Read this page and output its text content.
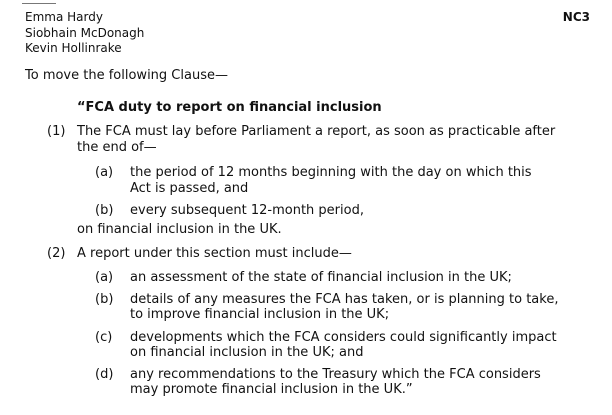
Emma Hardy
Siobhain McDonagh
Kevin Hollinrake
NC3
To move the following Clause—
“FCA duty to report on financial inclusion
(1) The FCA must lay before Parliament a report, as soon as practicable after
the end of—
(a) the period of 12 months beginning with the day on which this
Act is passed, and
(b) every subsequent 12-month period,
on financial inclusion in the UK.
(2) A report under this section must include—
(a) an assessment of the state of financial inclusion in the UK;
(b) details of any measures the FCA has taken, or is planning to take,
to improve financial inclusion in the UK;
(c) developments which the FCA considers could significantly impact
on financial inclusion in the UK; and
(d) any recommendations to the Treasury which the FCA considers
may promote financial inclusion in the UK.”
